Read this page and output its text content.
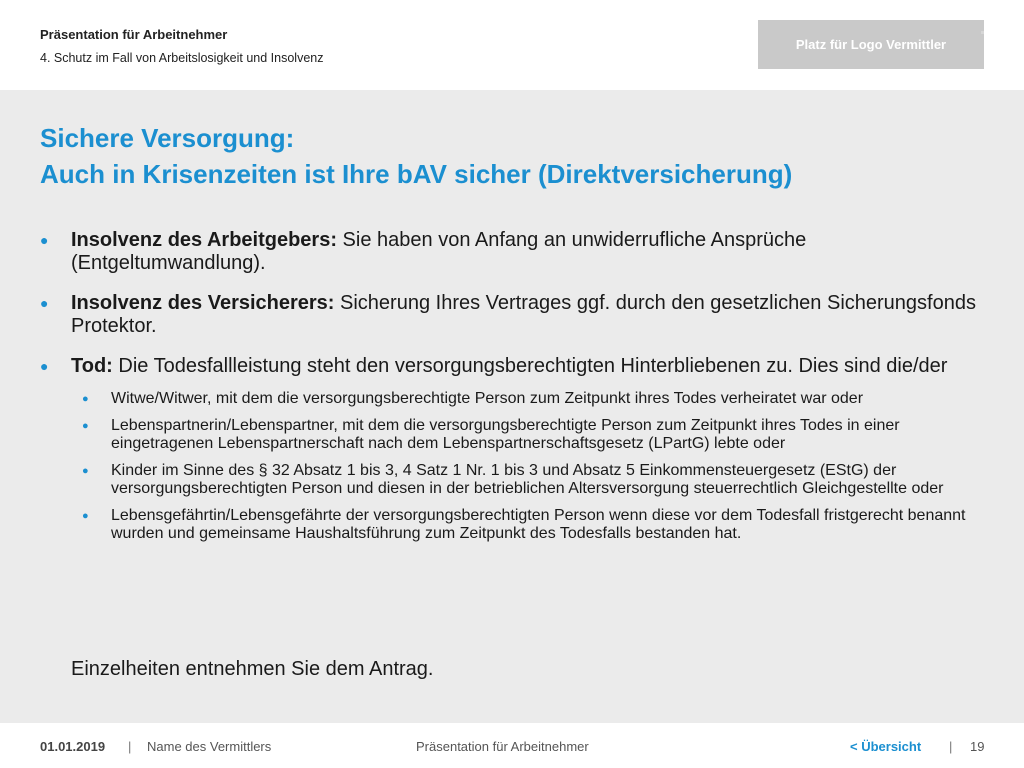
Präsentation für Arbeitnehmer
4. Schutz im Fall von Arbeitslosigkeit und Insolvenz
Platz für Logo Vermittler
Sichere Versorgung:
Auch in Krisenzeiten ist Ihre bAV sicher (Direktversicherung)
● Insolvenz des Arbeitgebers: Sie haben von Anfang an unwiderrufliche Ansprüche (Entgeltumwandlung).
● Insolvenz des Versicherers: Sicherung Ihres Vertrages ggf. durch den gesetzlichen Sicherungsfonds Protektor.
● Tod: Die Todesfallleistung steht den versorgungsberechtigten Hinterbliebenen zu. Dies sind die/der
● Witwe/Witwer, mit dem die versorgungsberechtigte Person zum Zeitpunkt ihres Todes verheiratet war oder
● Lebenspartnerin/Lebenspartner, mit dem die versorgungsberechtigte Person zum Zeitpunkt ihres Todes in einer eingetragenen Lebenspartnerschaft nach dem Lebenspartnerschaftsgesetz (LPartG) lebte oder
● Kinder im Sinne des § 32 Absatz 1 bis 3, 4 Satz 1 Nr. 1 bis 3 und Absatz 5 Einkommensteuergesetz (EStG) der versorgungsberechtigten Person und diesen in der betrieblichen Altersversorgung steuerrechtlich Gleichgestellte oder
● Lebensgefährtin/Lebensgefährte der versorgungsberechtigten Person wenn diese vor dem Todesfall fristgerecht benannt wurden und gemeinsame Haushaltsführung zum Zeitpunkt des Todesfalls bestanden hat.
Einzelheiten entnehmen Sie dem Antrag.
01.01.2019 | Name des Vermittlers	Präsentation für Arbeitnehmer	< Übersicht | 19
